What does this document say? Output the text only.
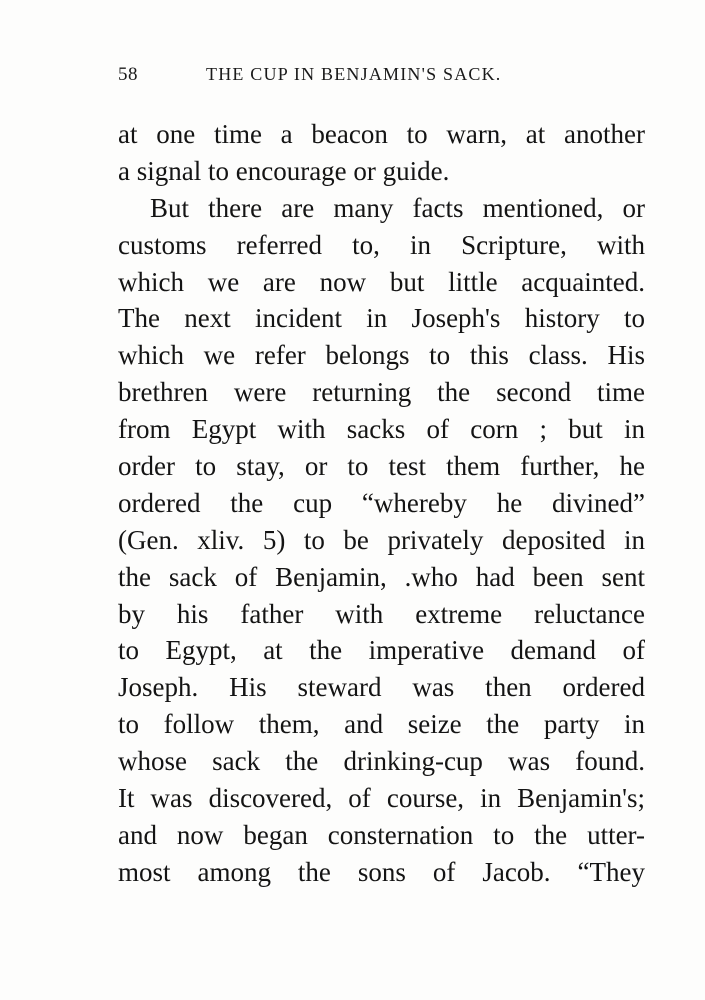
58	THE CUP IN BENJAMIN'S SACK.
at one time a beacon to warn, at another
a signal to encourage or guide.
But there are many facts mentioned, or
customs referred to, in Scripture, with
which we are now but little acquainted.
The next incident in Joseph's history to
which we refer belongs to this class. His
brethren were returning the second time
from Egypt with sacks of corn ; but in
order to stay, or to test them further, he
ordered the cup “whereby he divined”
(Gen. xliv. 5) to be privately deposited in
the sack of Benjamin, .who had been sent
by his father with extreme reluctance
to Egypt, at the imperative demand of
Joseph. His steward was then ordered
to follow them, and seize the party in
whose sack the drinking-cup was found.
It was discovered, of course, in Benjamin's;
and now began consternation to the utter-
most among the sons of Jacob. “They
